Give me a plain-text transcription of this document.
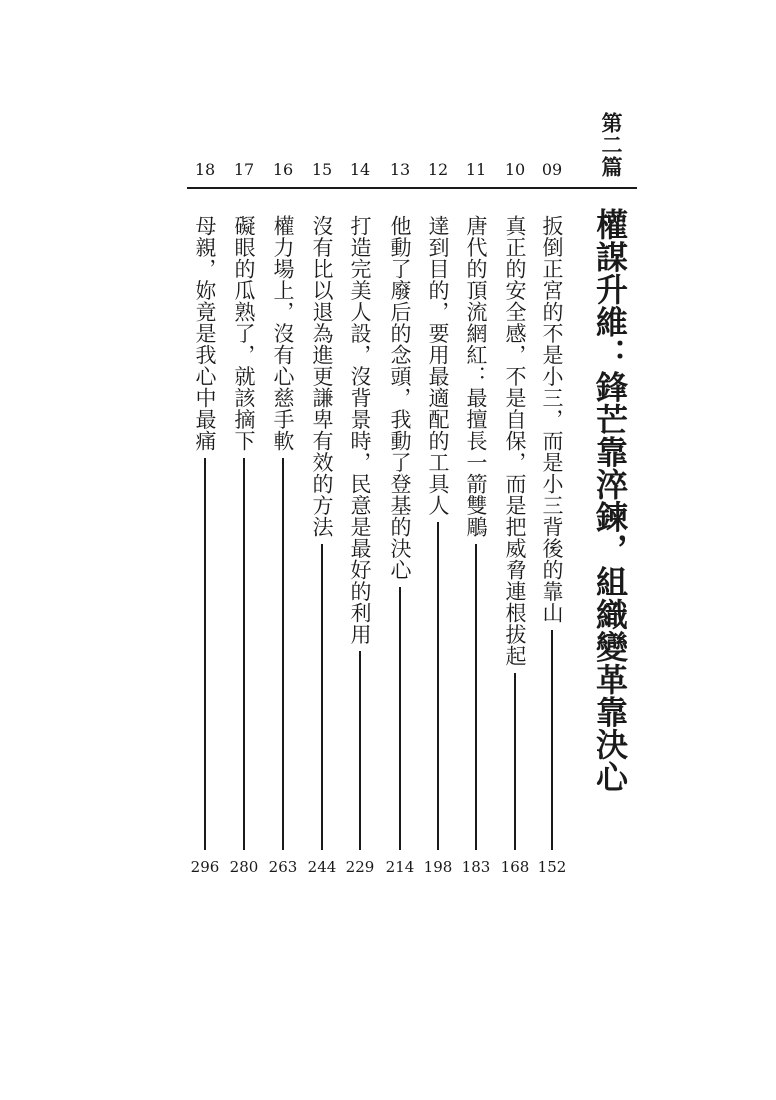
第二篇
權謀升維：鋒芒靠淬鍊，組織變革靠決心
09
扳倒正宮的不是小三，而是小三背後的靠山
152
10
真正的安全感，不是自保，而是把威脅連根拔起
168
11
唐代的頂流網紅：最擅長一箭雙鵰
183
12
達到目的，要用最適配的工具人
198
13
他動了廢后的念頭，我動了登基的決心
214
14
打造完美人設，沒背景時，民意是最好的利用
229
15
沒有比以退為進更謙卑有效的方法
244
16
權力場上，沒有心慈手軟
263
17
礙眼的瓜熟了，就該摘下
280
18
母親，妳竟是我心中最痛
296
